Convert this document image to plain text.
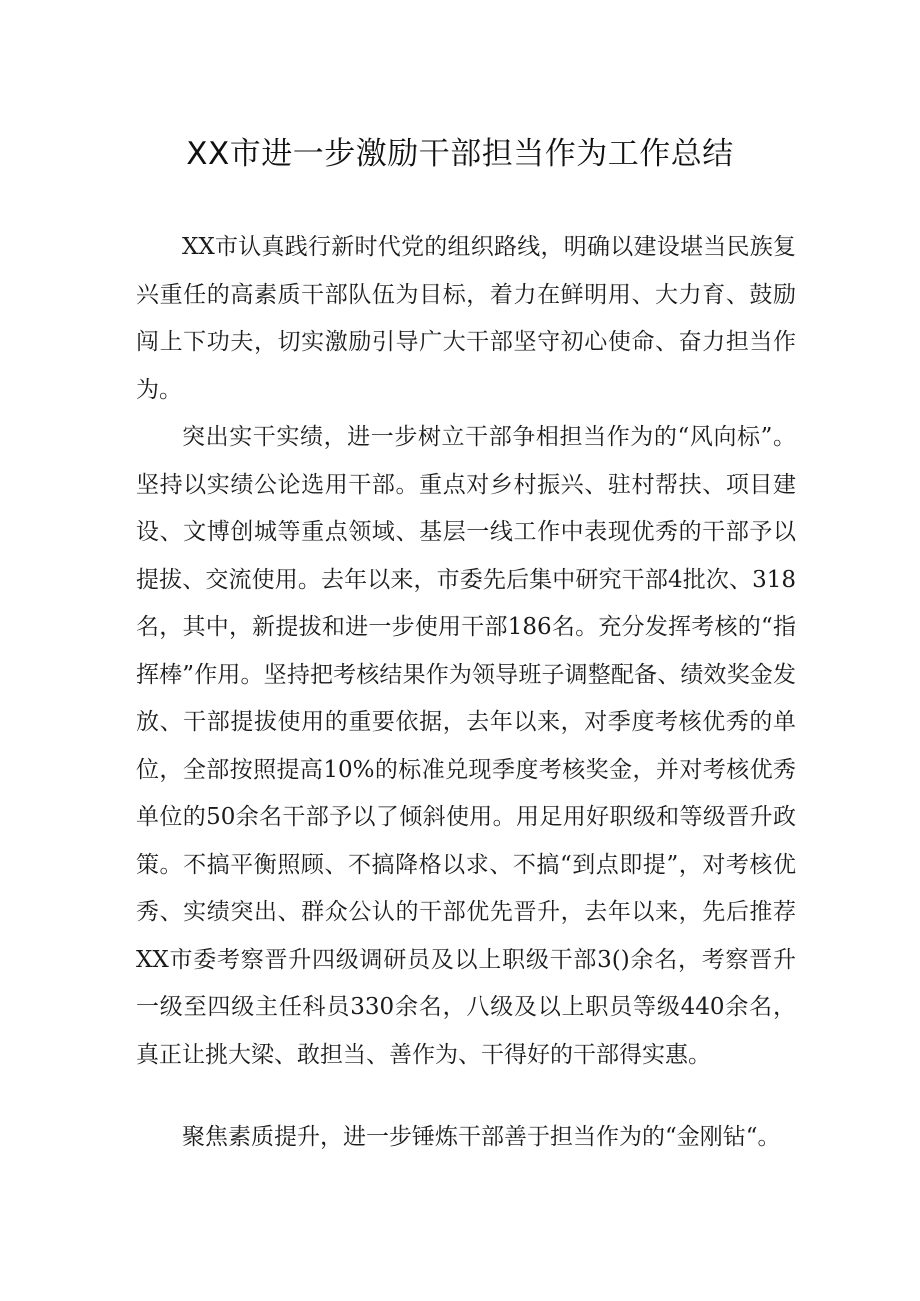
XX市进一步激励干部担当作为工作总结

XX市认真践行新时代党的组织路线，明确以建设堪当民族复兴重任的高素质干部队伍为目标，着力在鲜明用、大力育、鼓励闯上下功夫，切实激励引导广大干部坚守初心使命、奋力担当作为。

突出实干实绩，进一步树立干部争相担当作为的“风向标”。坚持以实绩公论选用干部。重点对乡村振兴、驻村帮扶、项目建设、文博创城等重点领域、基层一线工作中表现优秀的干部予以提拔、交流使用。去年以来，市委先后集中研究干部4批次、318名，其中，新提拔和进一步使用干部186名。充分发挥考核的“指挥棒”作用。坚持把考核结果作为领导班子调整配备、绩效奖金发放、干部提拔使用的重要依据，去年以来，对季度考核优秀的单位，全部按照提高10%的标准兑现季度考核奖金，并对考核优秀单位的50余名干部予以了倾斜使用。用足用好职级和等级晋升政策。不搞平衡照顾、不搞降格以求、不搞“到点即提”，对考核优秀、实绩突出、群众公认的干部优先晋升，去年以来，先后推荐XX市委考察晋升四级调研员及以上职级干部3()余名，考察晋升一级至四级主任科员330余名，八级及以上职员等级440余名，真正让挑大梁、敢担当、善作为、干得好的干部得实惠。

聚焦素质提升，进一步锤炼干部善于担当作为的“金刚钻“。
